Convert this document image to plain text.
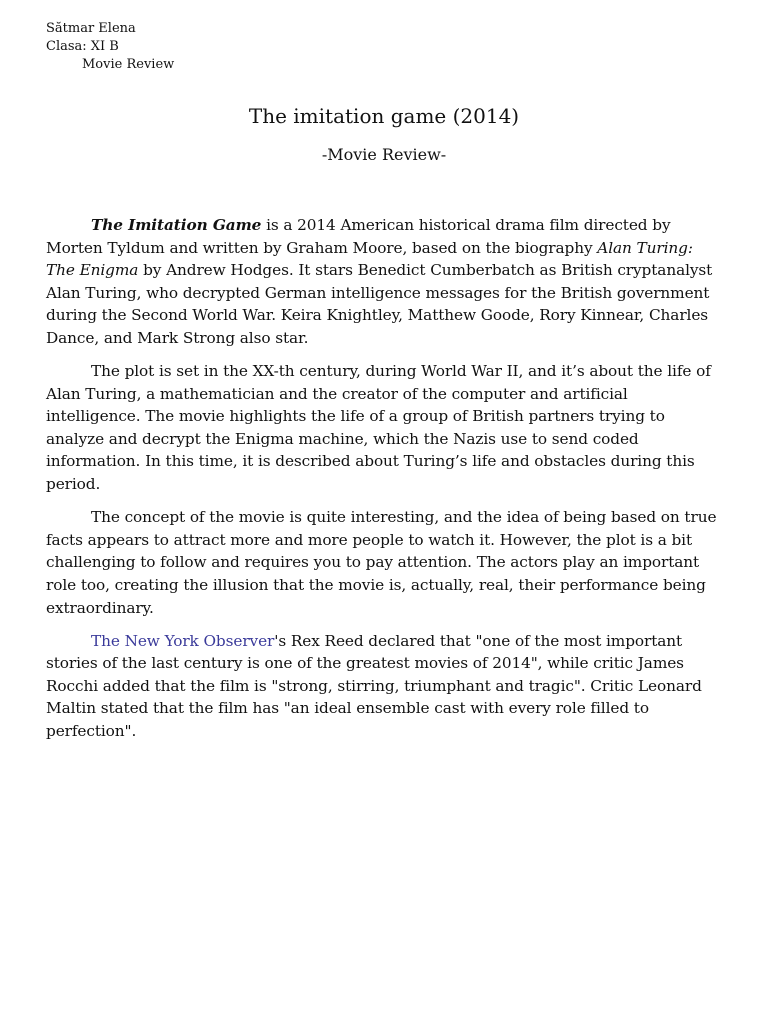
Sătmar Elena
Clasa: XI B
Movie Review
The imitation game (2014)
-Movie Review-

The Imitation Game is a 2014 American historical drama film directed by Morten Tyldum and written by Graham Moore, based on the biography Alan Turing: The Enigma by Andrew Hodges. It stars Benedict Cumberbatch as British cryptanalyst Alan Turing, who decrypted German intelligence messages for the British government during the Second World War. Keira Knightley, Matthew Goode, Rory Kinnear, Charles Dance, and Mark Strong also star.

The plot is set in the XX-th century, during World War II, and it’s about the life of Alan Turing, a mathematician and the creator of the computer and artificial intelligence. The movie highlights the life of a group of British partners trying to analyze and decrypt the Enigma machine, which the Nazis use to send coded information. In this time, it is described about Turing’s life and obstacles during this period.

The concept of the movie is quite interesting, and the idea of being based on true facts appears to attract more and more people to watch it. However, the plot is a bit challenging to follow and requires you to pay attention. The actors play an important role too, creating the illusion that the movie is, actually, real, their performance being extraordinary.

The New York Observer's Rex Reed declared that "one of the most important stories of the last century is one of the greatest movies of 2014", while critic James Rocchi added that the film is "strong, stirring, triumphant and tragic". Critic Leonard Maltin stated that the film has "an ideal ensemble cast with every role filled to perfection".
